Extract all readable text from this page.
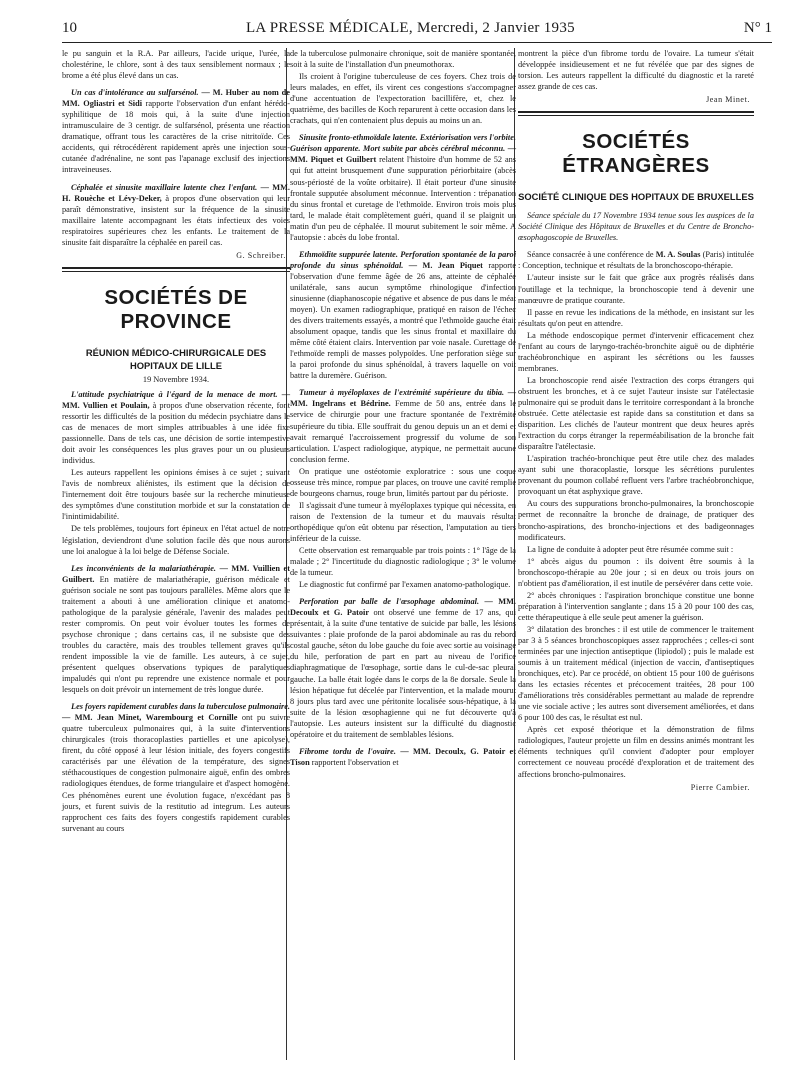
10	LA PRESSE MÉDICALE, Mercredi, 2 Janvier 1935	N° 1

le pu sanguin et la R.A. Par ailleurs, l'acide urique, l'urée, la cholestérine, le chlore, sont à des taux sensiblement normaux ; le brome a été plus élevé dans un cas.

Un cas d'intolérance au sulfarsénol. — M. Huber au nom de MM. Ogliastri et Sidi rapporte l'observation d'un enfant hérédo-syphilitique de 18 mois qui, à la suite d'une injection intramusculaire de 3 centigr. de sulfarsénol, présenta une réaction dramatique, offrant tous les caractères de la crise nitritoïde. Ces accidents, qui rétrocédèrent rapidement après une injection sous-cutanée d'adrénaline, ne sont pas l'apanage exclusif des injections intraveineuses.

Céphalée et sinusite maxillaire latente chez l'enfant. — MM. H. Rouèche et Lévy-Deker, à propos d'une observation qui leur paraît démonstrative, insistent sur la fréquence de la sinusite maxillaire latente accompagnant les états infectieux des voies respiratoires supérieures chez les enfants. Le traitement de la sinusite fait disparaître la céphalée en pareil cas.

G. Schreiber.

SOCIÉTÉS DE PROVINCE
RÉUNION MÉDICO-CHIRURGICALE DES HOPITAUX DE LILLE
19 Novembre 1934.

L'attitude psychiatrique à l'égard de la menace de mort. — MM. Vullien et Poulain, à propos d'une observation récente, font ressortir les difficultés de la position du médecin psychiatre dans le cas de menaces de mort simples attribuables à une idée fixe passionnelle. Dans de tels cas, une décision de sortie intempestive doit avoir les conséquences les plus graves pour un ou plusieurs individus.

Les auteurs rappellent les opinions émises à ce sujet ; suivant l'avis de nombreux aliénistes, ils estiment que la décision de l'internement doit être toujours basée sur la recherche minutieuse des symptômes d'une constitution morbide et sur la constatation de l'inintimidabilité.

De tels problèmes, toujours fort épineux en l'état actuel de notre législation, deviendront d'une solution facile dès que nous aurons une loi analogue à la loi belge de Défense Sociale.

Les inconvénients de la malariathérapie. — MM. Vuillien et Guilbert. En matière de malariathérapie, guérison médicale et guérison sociale ne sont pas toujours parallèles. Même alors que le traitement a abouti à une amélioration clinique et anatomo-pathologique de la paralysie générale, l'avenir des malades peut rester compromis. On peut voir évoluer toutes les formes de psychose chronique ; dans certains cas, il ne subsiste que des troubles du caractère, mais des troubles tellement graves qu'ils rendent impossible la vie de famille. Les auteurs, à ce sujet, présentent quelques observations typiques de paralytiques impaludés qui n'ont pu reprendre une existence normale et pour lesquels on doit prévoir un internement de très longue durée.

Les foyers rapidement curables dans la tuberculose pulmonaire. — MM. Jean Minet, Warembourg et Cornille ont pu suivre quatre tuberculeux pulmonaires qui, à la suite d'interventions chirurgicales (trois thoracoplasties partielles et une apicolyse), firent, du côté opposé à leur lésion initiale, des foyers congestifs caractérisés par une élévation de la température, des signes stéthacoustiques de congestion pulmonaire aiguë, enfin des ombres radiologiques étendues, de forme triangulaire et d'aspect homogène. Ces phénomènes eurent une évolution fugace, n'excédant pas 8 jours, et furent suivis de la restitutio ad integrum. Les auteurs rapprochent ces faits des foyers congestifs rapidement curables survenant au cours

de la tuberculose pulmonaire chronique, soit de manière spontanée, soit à la suite de l'installation d'un pneumothorax.

Ils croient à l'origine tuberculeuse de ces foyers. Chez trois de leurs malades, en effet, ils virent ces congestions s'accompagner d'une accentuation de l'expectoration bacillifère, et, chez le quatrième, des bacilles de Koch reparurent à cette occasion dans les crachats, qui n'en contenaient plus depuis au moins un an.

Sinusite fronto-ethmoïdale latente. Extériorisation vers l'orbite. Guérison apparente. Mort subite par abcès cérébral méconnu. — MM. Piquet et Guilbert relatent l'histoire d'un homme de 52 ans qui fut atteint brusquement d'une suppuration périorbitaire (abcès sous-périosté de la voûte orbitaire). Il était porteur d'une sinusite frontale supputée absolument méconnue. Intervention : trépanation du sinus frontal et curetage de l'ethmoïde. Environ trois mois plus tard, le malade était complètement guéri, quand il se plaignit un matin d'un peu de céphalée. Il mourut subitement le soir même. A l'autopsie : abcès du lobe frontal.

Ethmoïdite suppurée latente. Perforation spontanée de la paroi profonde du sinus sphénoïdal. — M. Jean Piquet rapporte l'observation d'une femme âgée de 26 ans, atteinte de céphalée unilatérale, sans aucun symptôme rhinologique d'infection sinusienne (diaphanoscopie négative et absence de pus dans le méat moyen). Un examen radiographique, pratiqué en raison de l'échec des divers traitements essayés, a montré que l'ethmoïde gauche était absolument opaque, tandis que les sinus frontal et maxillaire du même côté étaient clairs. Intervention par voie nasale. Curettage de l'ethmoïde rempli de masses polypoïdes. Une perforation siège sur la paroi profonde du sinus sphénoïdal, à travers laquelle on voit battre la duremère. Guérison.

Tumeur à myéloplaxes de l'extrémité supérieure du tibia. — MM. Ingelrans et Bédrine. Femme de 50 ans, entrée dans le service de chirurgie pour une fracture spontanée de l'extrémité supérieure du tibia. Elle souffrait du genou depuis un an et demi et avait remarqué l'accroissement progressif du volume de son articulation. L'aspect radiologique, atypique, ne permettait aucune conclusion ferme.

On pratique une ostéotomie exploratrice : sous une coque osseuse très mince, rompue par places, on trouve une cavité remplie de bourgeons charnus, rouge brun, limités partout par du périoste.

Il s'agissait d'une tumeur à myéloplaxes typique qui nécessita, en raison de l'extension de la tumeur et du mauvais résultat orthopédique qu'on eût obtenu par résection, l'amputation au tiers inférieur de la cuisse.

Cette observation est remarquable par trois points : 1° l'âge de la malade ; 2° l'incertitude du diagnostic radiologique ; 3° le volume de la tumeur.

Le diagnostic fut confirmé par l'examen anatomo-pathologique.

Perforation par balle de l'œsophage abdominal. — MM. Decoulx et G. Patoir ont observé une femme de 17 ans, qui présentait, à la suite d'une tentative de suicide par balle, les lésions suivantes : plaie profonde de la paroi abdominale au ras du rebord costal gauche, séton du lobe gauche du foie avec sortie au voisinage du hile, perforation de part en part au niveau de l'orifice diaphragmatique de l'œsophage, sortie dans le cul-de-sac pleural gauche. La balle était logée dans le corps de la 8e dorsale. Seule la lésion hépatique fut décelée par l'intervention, et la malade mourut 8 jours plus tard avec une péritonite localisée sous-hépatique, à la suite de la lésion œsophagienne qui ne fut découverte qu'à l'autopsie. Les auteurs insistent sur la difficulté du diagnostic opératoire et du traitement de semblables lésions.

Fibrome tordu de l'ovaire. — MM. Decoulx, G. Patoir et Tison rapportent l'observation et

montrent la pièce d'un fibrome tordu de l'ovaire. La tumeur s'était développée insidieusement et ne fut révélée que par des signes de torsion. Les auteurs rappellent la difficulté du diagnostic et la rareté assez grande de ces cas.

Jean Minet.

SOCIÉTÉS ÉTRANGÈRES
SOCIÉTÉ CLINIQUE DES HOPITAUX DE BRUXELLES

Séance spéciale du 17 Novembre 1934 tenue sous les auspices de la Société Clinique des Hôpitaux de Bruxelles et du Centre de Broncho-œsophagoscopie de Bruxelles.

Séance consacrée à une conférence de M. A. Soulas (Paris) intitulée : Conception, technique et résultats de la bronchoscopo-thérapie.

L'auteur insiste sur le fait que grâce aux progrès réalisés dans l'outillage et la technique, la bronchoscopie tend à devenir une manœuvre de pratique courante.

Il passe en revue les indications de la méthode, en insistant sur les résultats qu'on peut en attendre.

La méthode endoscopique permet d'intervenir efficacement chez l'enfant au cours de laryngo-trachéo-bronchite aiguë ou de diphtérie trachéobronchique en aspirant les sécrétions ou les fausses membranes.

La bronchoscopie rend aisée l'extraction des corps étrangers qui obstruent les bronches, et à ce sujet l'auteur insiste sur l'atélectasie pulmonaire qui se produit dans le territoire correspondant à la bronche obstruée. Cette atélectasie est rapide dans sa constitution et dans sa disparition. Les clichés de l'auteur montrent que deux heures après l'extraction du corps étranger la reperméabilisation de la bronche fait disparaître l'atélectasie.

L'aspiration trachéo-bronchique peut être utile chez des malades ayant subi une thoracoplastie, lorsque les sécrétions purulentes provenant du poumon collabé refluent vers l'arbre trachéobronchique, provoquant un état asphyxique grave.

Au cours des suppurations broncho-pulmonaires, la bronchoscopie permet de reconnaître la bronche de drainage, de pratiquer des broncho-aspirations, des broncho-injections et des badigeonnages modificateurs.

La ligne de conduite à adopter peut être résumée comme suit :

1° abcès aigus du poumon : ils doivent être soumis à la bronchoscopo-thérapie au 20e jour ; si en deux ou trois jours on n'obtient pas d'amélioration, il est inutile de persévérer dans cette voie.

2° abcès chroniques : l'aspiration bronchique constitue une bonne préparation à l'intervention sanglante ; dans 15 à 20 pour 100 des cas, cette thérapeutique à elle seule peut amener la guérison.

3° dilatation des bronches : il est utile de commencer le traitement par 3 à 5 séances bronchoscopiques assez rapprochées ; celles-ci sont terminées par une injection antiseptique (lipiodol) ; puis le malade est soumis à un traitement médical (injection de vaccin, d'antiseptiques bronchiques, etc). Par ce procédé, on obtient 15 pour 100 de guérisons dans les ectasies récentes et précocement traitées, 28 pour 100 d'améliorations très considérables permettant au malade de reprendre une vie sociale active ; les autres sont diversement améliorées, et dans 6 pour 100 des cas, le résultat est nul.

Après cet exposé théorique et la démonstration de films radiologiques, l'auteur projette un film en dessins animés montrant les éléments techniques qu'il convient d'adopter pour employer correctement ce nouveau procédé d'exploration et de traitement des affections broncho-pulmonaires.

Pierre Cambier.
